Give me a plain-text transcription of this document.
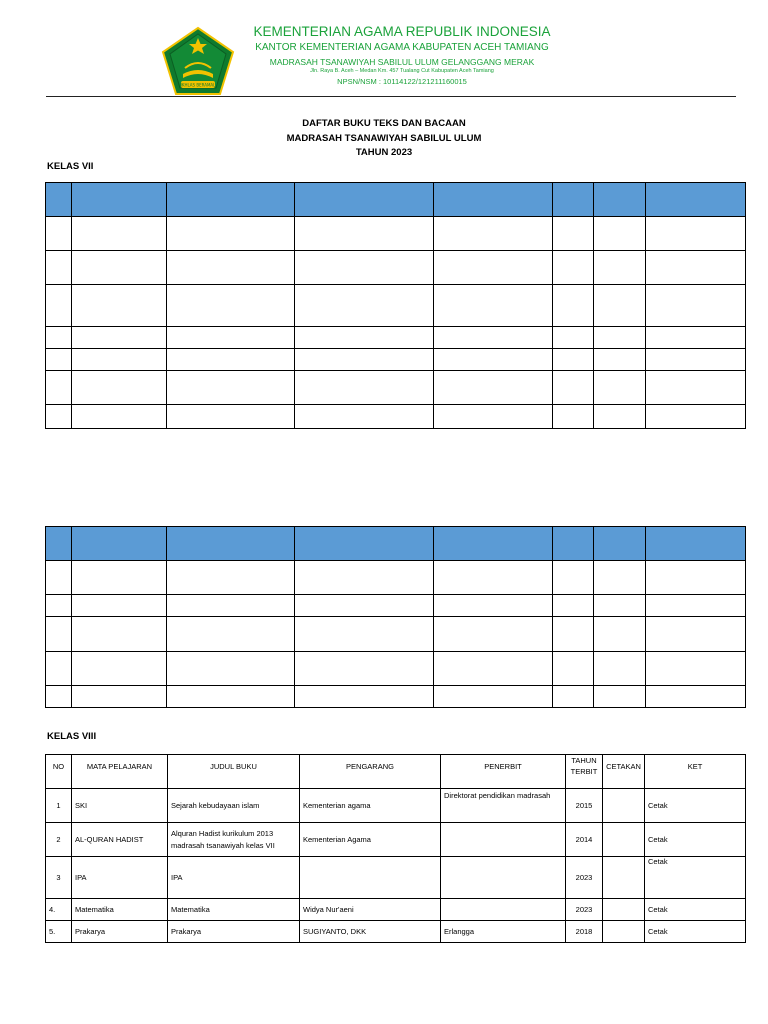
IKHLAS BERAMAL
KEMENTERIAN AGAMA REPUBLIK INDONESIA
KANTOR KEMENTERIAN AGAMA KABUPATEN ACEH TAMIANG
MADRASAH TSANAWIYAH SABILUL ULUM GELANGGANG MERAK
Jln. Raya B. Aceh – Medan Km. 457 Tualang Cut Kabupaten Aceh Tamiang
NPSN/NSM : 10114122/121211160015
DAFTAR BUKU TEKS DAN BACAAN
MADRASAH TSANAWIYAH SABILUL ULUM
TAHUN 2023
KELAS VII

KELAS VIII
NO	MATA PELAJARAN	JUDUL BUKU	PENGARANG	PENERBIT	TAHUN TERBIT	CETAKAN	KET
1	SKI	Sejarah kebudayaan islam	Kementerian agama	Direktorat pendidikan madrasah	2015		Cetak
2	AL-QURAN HADIST	Alquran Hadist kurikulum 2013 madrasah tsanawiyah kelas VII	Kementerian Agama		2014		Cetak
3	IPA	IPA			2023		Cetak
4.	Matematika	Matematika	Widya Nur'aeni		2023		Cetak
5.	Prakarya	Prakarya	SUGIYANTO, DKK	Erlangga	2018		Cetak
